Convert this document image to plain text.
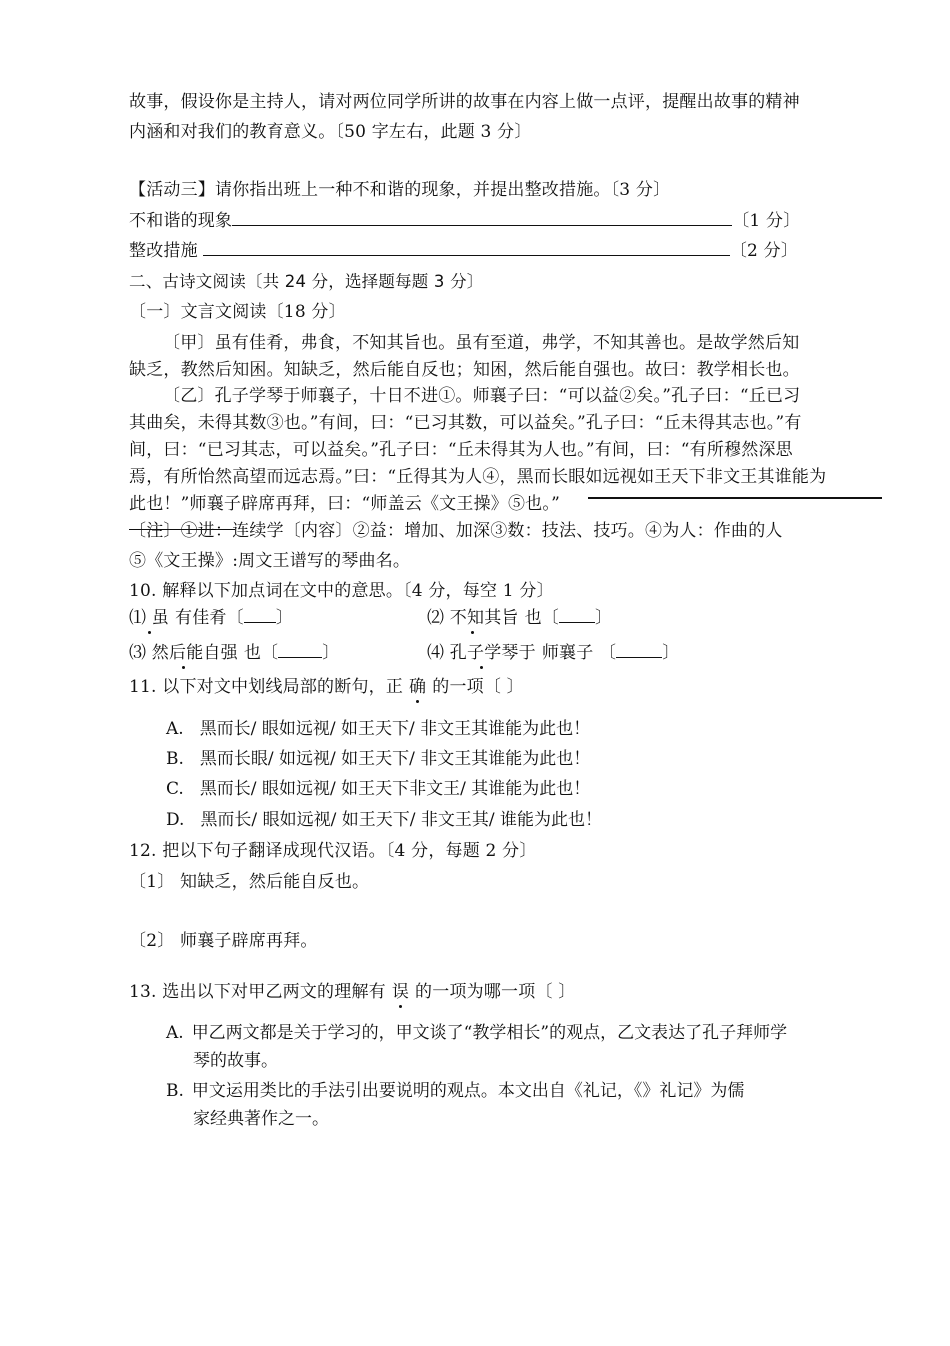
故事，假设你是主持人，请对两位同学所讲的故事在内容上做一点评，提醒出故事的精神
内涵和对我们的教育意义。〔50 字左右，此题 3 分〕
【活动三】请你指出班上一种不和谐的现象，并提出整改措施。〔3 分〕
不和谐的现象	〔1 分〕
整改措施	〔2 分〕
二、古诗文阅读〔共 24 分，选择题每题 3 分〕
〔一〕文言文阅读〔18 分〕
〔甲〕虽有佳肴，弗食，不知其旨也。虽有至道，弗学，不知其善也。是故学然后知
缺乏，教然后知困。知缺乏，然后能自反也；知困，然后能自强也。故曰：教学相长也。
〔乙〕孔子学琴于师襄子，十日不进①。师襄子曰：“可以益②矣。”孔子曰：“丘已习
其曲矣，未得其数③也。”有间，曰：“已习其数，可以益矣。”孔子曰：“丘未得其志也。”有
间，曰：“已习其志，可以益矣。”孔子曰：“丘未得其为人也。”有间，曰：“有所穆然深思
焉，有所怡然高望而远志焉。”曰：“丘得其为人④，黑而长眼如远视如王天下非文王其谁能为
此也！”师襄子辟席再拜，曰：“师盖云《文王操》⑤也。”
〔注〕①进：连续学〔内容〕②益：增加、加深③数：技法、技巧。④为人：作曲的人
⑤《文王操》:周文王谱写的琴曲名。
10. 解释以下加点词在文中的意思。〔4 分，每空 1 分〕
⑴ 虽 有佳肴〔 〕	⑵ 不知其旨 也〔 〕
⑶ 然后能自强 也〔	〕	⑷ 孔子学琴于 师襄子 〔	〕
11. 以下对文中划线局部的断句，正 确 的一项〔 〕
A. 黑而长/ 眼如远视/ 如王天下/ 非文王其谁能为此也！
B. 黑而长眼/ 如远视/ 如王天下/ 非文王其谁能为此也！
C. 黑而长/ 眼如远视/ 如王天下非文王/ 其谁能为此也！
D. 黑而长/ 眼如远视/ 如王天下/ 非文王其/ 谁能为此也！
12. 把以下句子翻译成现代汉语。〔4 分，每题 2 分〕
〔1〕 知缺乏，然后能自反也。
〔2〕 师襄子辟席再拜。
13. 选出以下对甲乙两文的理解有 误 的一项为哪一项〔 〕
A. 甲乙两文都是关于学习的，甲文谈了“教学相长”的观点，乙文表达了孔子拜师学
琴的故事。
B. 甲文运用类比的手法引出要说明的观点。本文出自《礼记，《》礼记》为儒
家经典著作之一。
